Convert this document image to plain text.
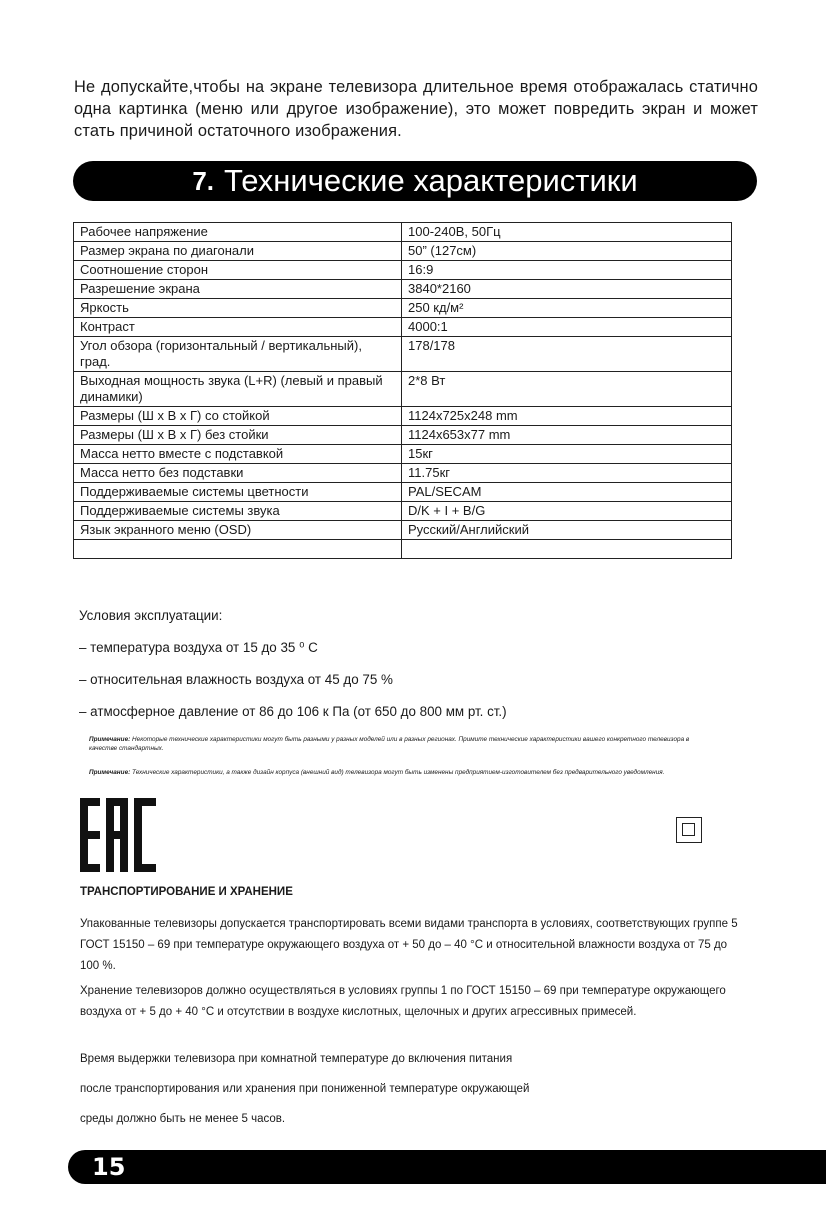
Не допускайте,чтобы на экране телевизора длительное время отображалась статично одна картинка (меню или другое изображение), это может повредить экран и может стать причиной остаточного изображения.
7. Технические характеристики
Рабочее напряжение	100-240В, 50Гц
Размер экрана по диагонали	50” (127см)
Соотношение сторон	16:9
Разрешение экрана	3840*2160
Яркость	250 кд/м²
Контраст	4000:1
Угол обзора (горизонтальный / вертикальный), град.	178/178
Выходная мощность звука (L+R) (левый и правый динамики)	2*8 Вт
Размеры (Ш х В х Г) со стойкой	1124x725x248 mm
Размеры (Ш х В х Г) без стойки	1124x653x77 mm
Масса нетто вместе с подставкой	15кг
Масса нетто без подставки	11.75кг
Поддерживаемые системы цветности	PAL/SECAM
Поддерживаемые системы звука	D/K + I + B/G
Язык экранного меню (OSD)	Русский/Английский

Условия эксплуатации:
– температура воздуха от 15 до 35 ⁰ С
– относительная влажность воздуха от 45 до 75 %
– атмосферное давление от 86 до 106 к Па (от 650 до 800 мм рт. ст.)
Примечание: Некоторые технические характеристики могут быть разными у разных моделей или в разных регионах. Примите технические характеристики вашего конкретного телевизора в качестве стандартных.
Примечание: Технические характеристики, а также дизайн корпуса (внешний вид) телевизора могут быть изменены предприятием-изготовителем без предварительного уведомления.
ТРАНСПОРТИРОВАНИЕ И ХРАНЕНИЕ
Упакованные телевизоры допускается транспортировать всеми видами транспорта в условиях, соответствующих группе 5 ГОСТ 15150 – 69 при температуре окружающего воздуха от + 50 до – 40 °С и относительной влажности воздуха от 75 до 100 %.
Хранение телевизоров должно осуществляться в условиях группы 1 по ГОСТ 15150 – 69 при температуре окружающего воздуха от + 5 до + 40 °С и отсутствии в воздухе кислотных, щелочных и других агрессивных примесей.
Время выдержки телевизора при комнатной температуре до включения питания
после транспортирования или хранения при пониженной температуре окружающей
среды должно быть не менее 5 часов.
15
